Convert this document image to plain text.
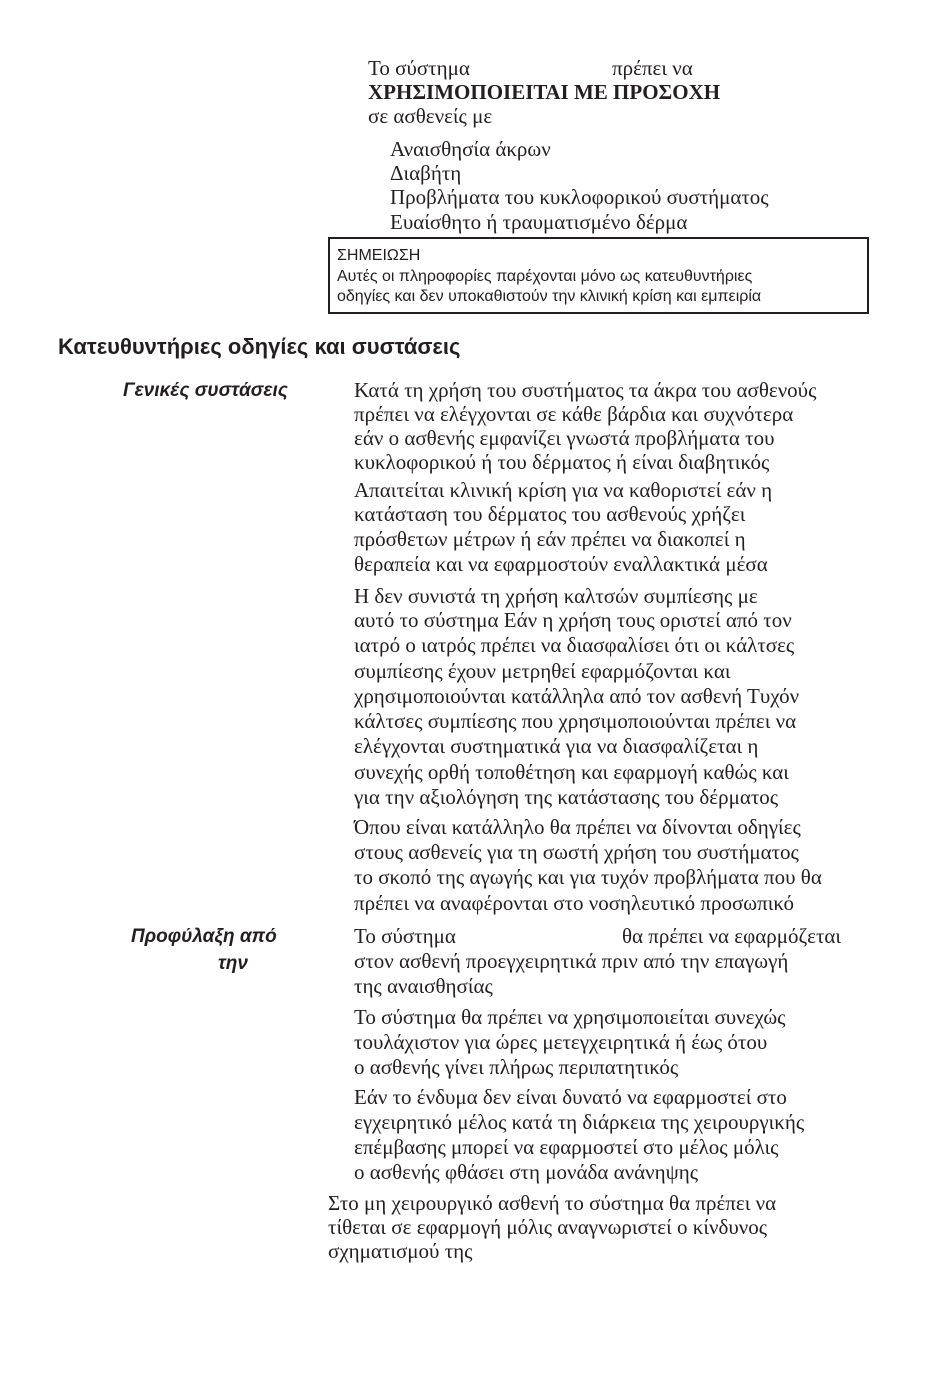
Το σύστημα	πρέπει να
ΧΡΗΣΙΜΟΠΟΙΕΙΤΑΙ ΜΕ ΠΡΟΣΟΧΗ
σε ασθενείς με
Αναισθησία άκρων
Διαβήτη
Προβλήματα του κυκλοφορικού συστήματος
Ευαίσθητο ή τραυματισμένο δέρμα
ΣΗΜΕΙΩΣΗ
Αυτές οι πληροφορίες παρέχονται μόνο ως κατευθυντήριες
οδηγίες και δεν υποκαθιστούν την κλινική κρίση και εμπειρία
Κατευθυντήριες οδηγίες και συστάσεις
Γενικές συστάσεις	Κατά τη χρήση του συστήματος τα άκρα του ασθενούς
πρέπει να ελέγχονται σε κάθε βάρδια και συχνότερα
εάν ο ασθενής εμφανίζει γνωστά προβλήματα του
κυκλοφορικού ή του δέρματος ή είναι διαβητικός
Απαιτείται κλινική κρίση για να καθοριστεί εάν η
κατάσταση του δέρματος του ασθενούς χρήζει
πρόσθετων μέτρων ή εάν πρέπει να διακοπεί η
θεραπεία και να εφαρμοστούν εναλλακτικά μέσα
Η δεν συνιστά τη χρήση καλτσών συμπίεσης με
αυτό το σύστημα Εάν η χρήση τους οριστεί από τον
ιατρό ο ιατρός πρέπει να διασφαλίσει ότι οι κάλτσες
συμπίεσης έχουν μετρηθεί εφαρμόζονται και
χρησιμοποιούνται κατάλληλα από τον ασθενή Τυχόν
κάλτσες συμπίεσης που χρησιμοποιούνται πρέπει να
ελέγχονται συστηματικά για να διασφαλίζεται η
συνεχής ορθή τοποθέτηση και εφαρμογή καθώς και
για την αξιολόγηση της κατάστασης του δέρματος
Όπου είναι κατάλληλο θα πρέπει να δίνονται οδηγίες
στους ασθενείς για τη σωστή χρήση του συστήματος
το σκοπό της αγωγής και για τυχόν προβλήματα που θα
πρέπει να αναφέρονται στο νοσηλευτικό προσωπικό
Προφύλαξη από
την
Το σύστημα	θα πρέπει να εφαρμόζεται
στον ασθενή προεγχειρητικά πριν από την επαγωγή
της αναισθησίας
Το σύστημα θα πρέπει να χρησιμοποιείται συνεχώς
τουλάχιστον για ώρες μετεγχειρητικά ή έως ότου
ο ασθενής γίνει πλήρως περιπατητικός
Εάν το ένδυμα δεν είναι δυνατό να εφαρμοστεί στο
εγχειρητικό μέλος κατά τη διάρκεια της χειρουργικής
επέμβασης μπορεί να εφαρμοστεί στο μέλος μόλις
ο ασθενής φθάσει στη μονάδα ανάνηψης
Στο μη χειρουργικό ασθενή το σύστημα θα πρέπει να
τίθεται σε εφαρμογή μόλις αναγνωριστεί ο κίνδυνος
σχηματισμού της
